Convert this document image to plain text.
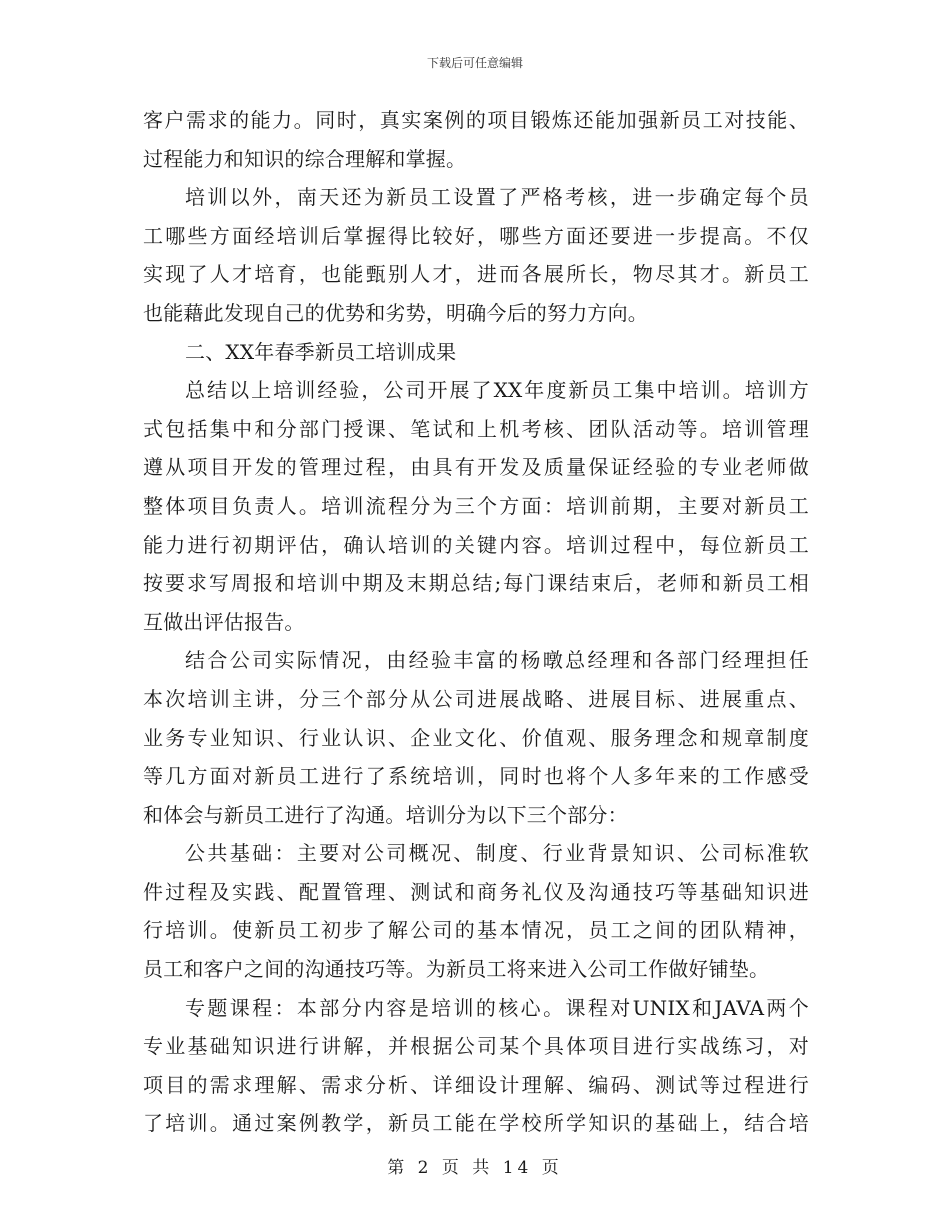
下载后可任意编辑
客户需求的能力。同时，真实案例的项目锻炼还能加强新员工对技能、
过程能力和知识的综合理解和掌握。
培训以外，南天还为新员工设置了严格考核，进一步确定每个员
工哪些方面经培训后掌握得比较好，哪些方面还要进一步提高。不仅
实现了人才培育，也能甄别人才，进而各展所长，物尽其才。新员工
也能藉此发现自己的优势和劣势，明确今后的努力方向。
二、XX年春季新员工培训成果
总结以上培训经验，公司开展了XX年度新员工集中培训。培训方
式包括集中和分部门授课、笔试和上机考核、团队活动等。培训管理
遵从项目开发的管理过程，由具有开发及质量保证经验的专业老师做
整体项目负责人。培训流程分为三个方面：培训前期，主要对新员工
能力进行初期评估，确认培训的关键内容。培训过程中，每位新员工
按要求写周报和培训中期及末期总结;每门课结束后，老师和新员工相
互做出评估报告。
结合公司实际情况，由经验丰富的杨暾总经理和各部门经理担任
本次培训主讲，分三个部分从公司进展战略、进展目标、进展重点、
业务专业知识、行业认识、企业文化、价值观、服务理念和规章制度
等几方面对新员工进行了系统培训，同时也将个人多年来的工作感受
和体会与新员工进行了沟通。培训分为以下三个部分：
公共基础：主要对公司概况、制度、行业背景知识、公司标准软
件过程及实践、配置管理、测试和商务礼仪及沟通技巧等基础知识进
行培训。使新员工初步了解公司的基本情况，员工之间的团队精神，
员工和客户之间的沟通技巧等。为新员工将来进入公司工作做好铺垫。
专题课程：本部分内容是培训的核心。课程对UNIX和JAVA两个
专业基础知识进行讲解，并根据公司某个具体项目进行实战练习，对
项目的需求理解、需求分析、详细设计理解、编码、测试等过程进行
了培训。通过案例教学，新员工能在学校所学知识的基础上，结合培
第 2 页 共 14 页
